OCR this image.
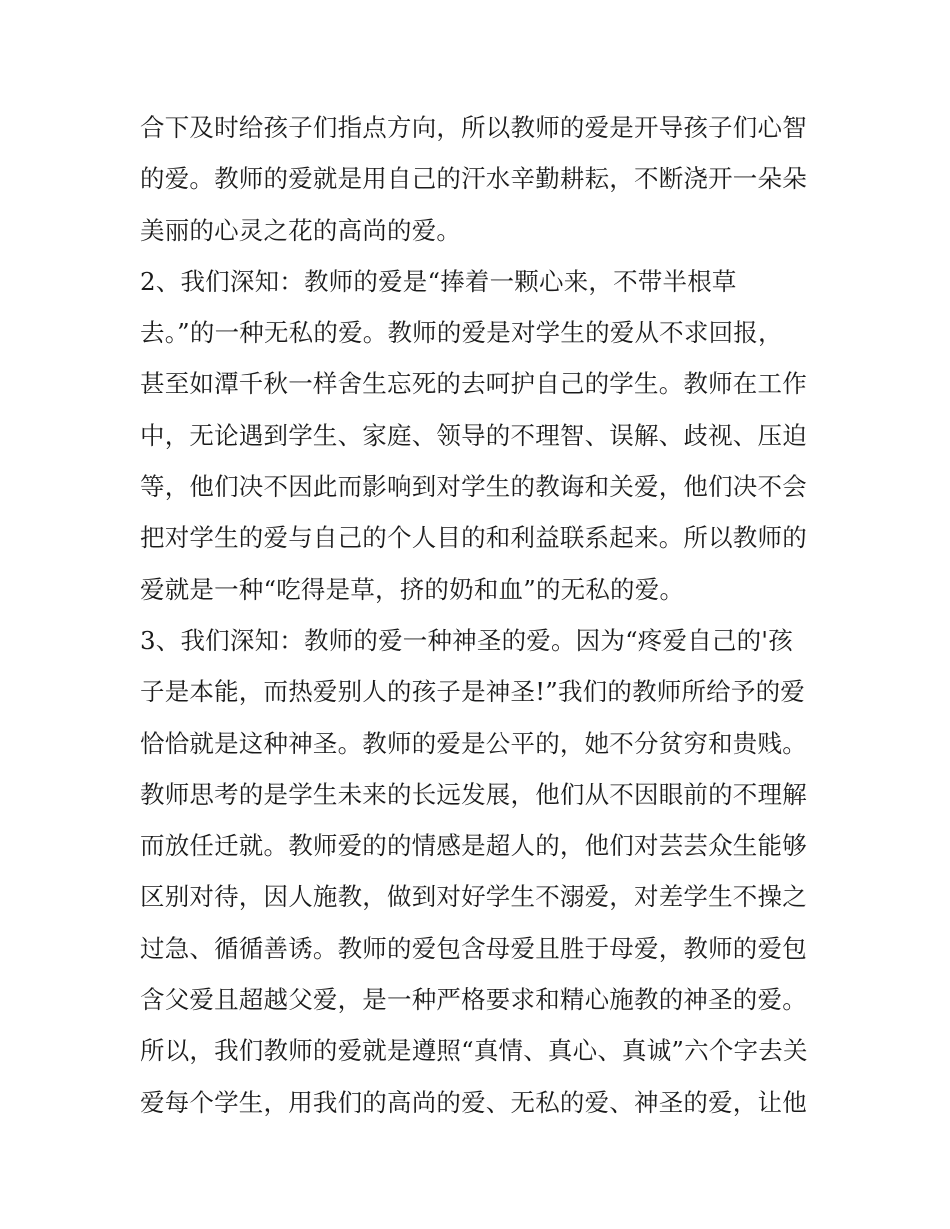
合下及时给孩子们指点方向，所以教师的爱是开导孩子们心智
的爱。教师的爱就是用自己的汗水辛勤耕耘，不断浇开一朵朵
美丽的心灵之花的高尚的爱。
2、我们深知：教师的爱是“捧着一颗心来，不带半根草
去。”的一种无私的爱。教师的爱是对学生的爱从不求回报，
甚至如潭千秋一样舍生忘死的去呵护自己的学生。教师在工作
中，无论遇到学生、家庭、领导的不理智、误解、歧视、压迫
等，他们决不因此而影响到对学生的教诲和关爱，他们决不会
把对学生的爱与自己的个人目的和利益联系起来。所以教师的
爱就是一种“吃得是草，挤的奶和血”的无私的爱。
3、我们深知：教师的爱一种神圣的爱。因为“疼爱自己的'孩
子是本能，而热爱别人的孩子是神圣!”我们的教师所给予的爱
恰恰就是这种神圣。教师的爱是公平的，她不分贫穷和贵贱。
教师思考的是学生未来的长远发展，他们从不因眼前的不理解
而放任迁就。教师爱的的情感是超人的，他们对芸芸众生能够
区别对待，因人施教，做到对好学生不溺爱，对差学生不操之
过急、循循善诱。教师的爱包含母爱且胜于母爱，教师的爱包
含父爱且超越父爱，是一种严格要求和精心施教的神圣的爱。
所以，我们教师的爱就是遵照“真情、真心、真诚”六个字去关
爱每个学生，用我们的高尚的爱、无私的爱、神圣的爱，让他
